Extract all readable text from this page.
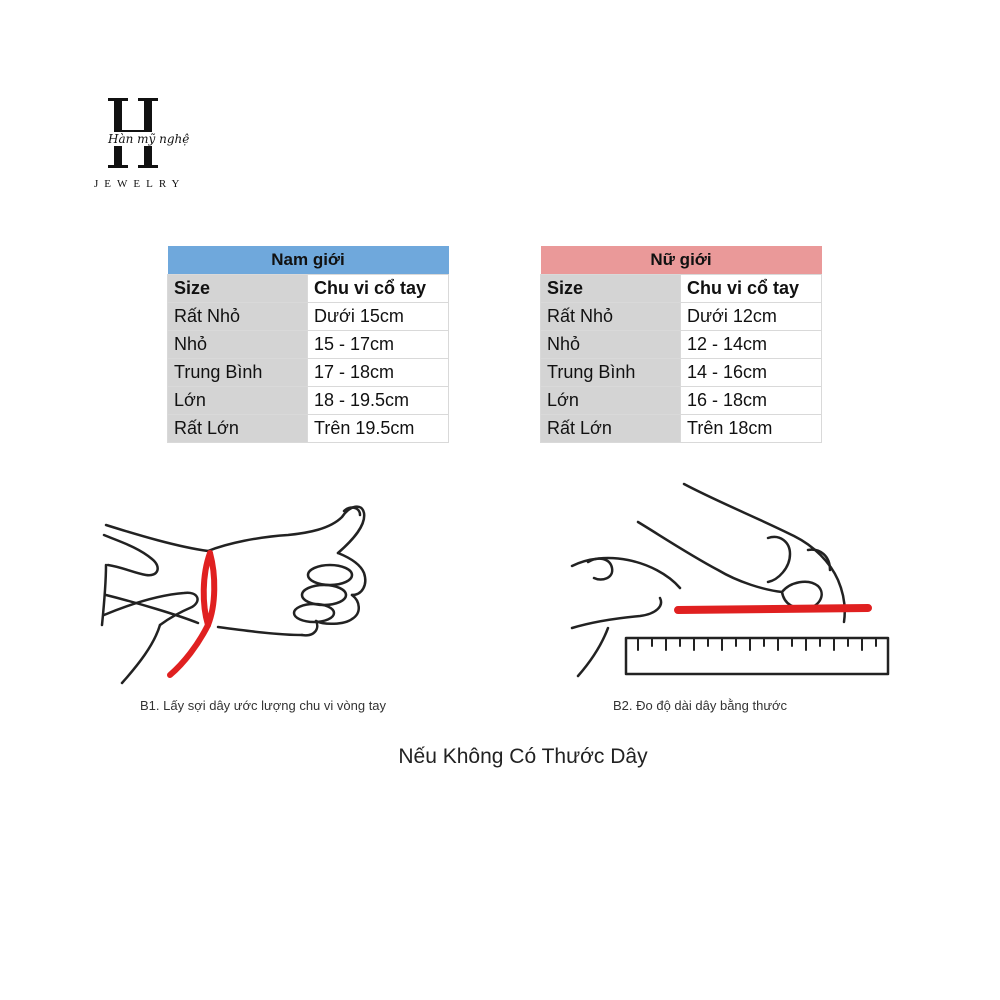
Hàn mỹ nghệ
JEWELRY
Nam giới	
Size	Chu vi cổ tay
Rất Nhỏ	Dưới 15cm
Nhỏ	15 - 17cm
Trung Bình	17 - 18cm
Lớn	18 - 19.5cm
Rất Lớn	Trên 19.5cm
Nữ giới	
Size	Chu vi cổ tay
Rất Nhỏ	Dưới 12cm
Nhỏ	12 - 14cm
Trung Bình	14 - 16cm
Lớn	16 - 18cm
Rất Lớn	Trên 18cm
B1. Lấy sợi dây ước lượng chu vi vòng tay	B2. Đo độ dài dây bằng thước
Nếu Không Có Thước Dây
